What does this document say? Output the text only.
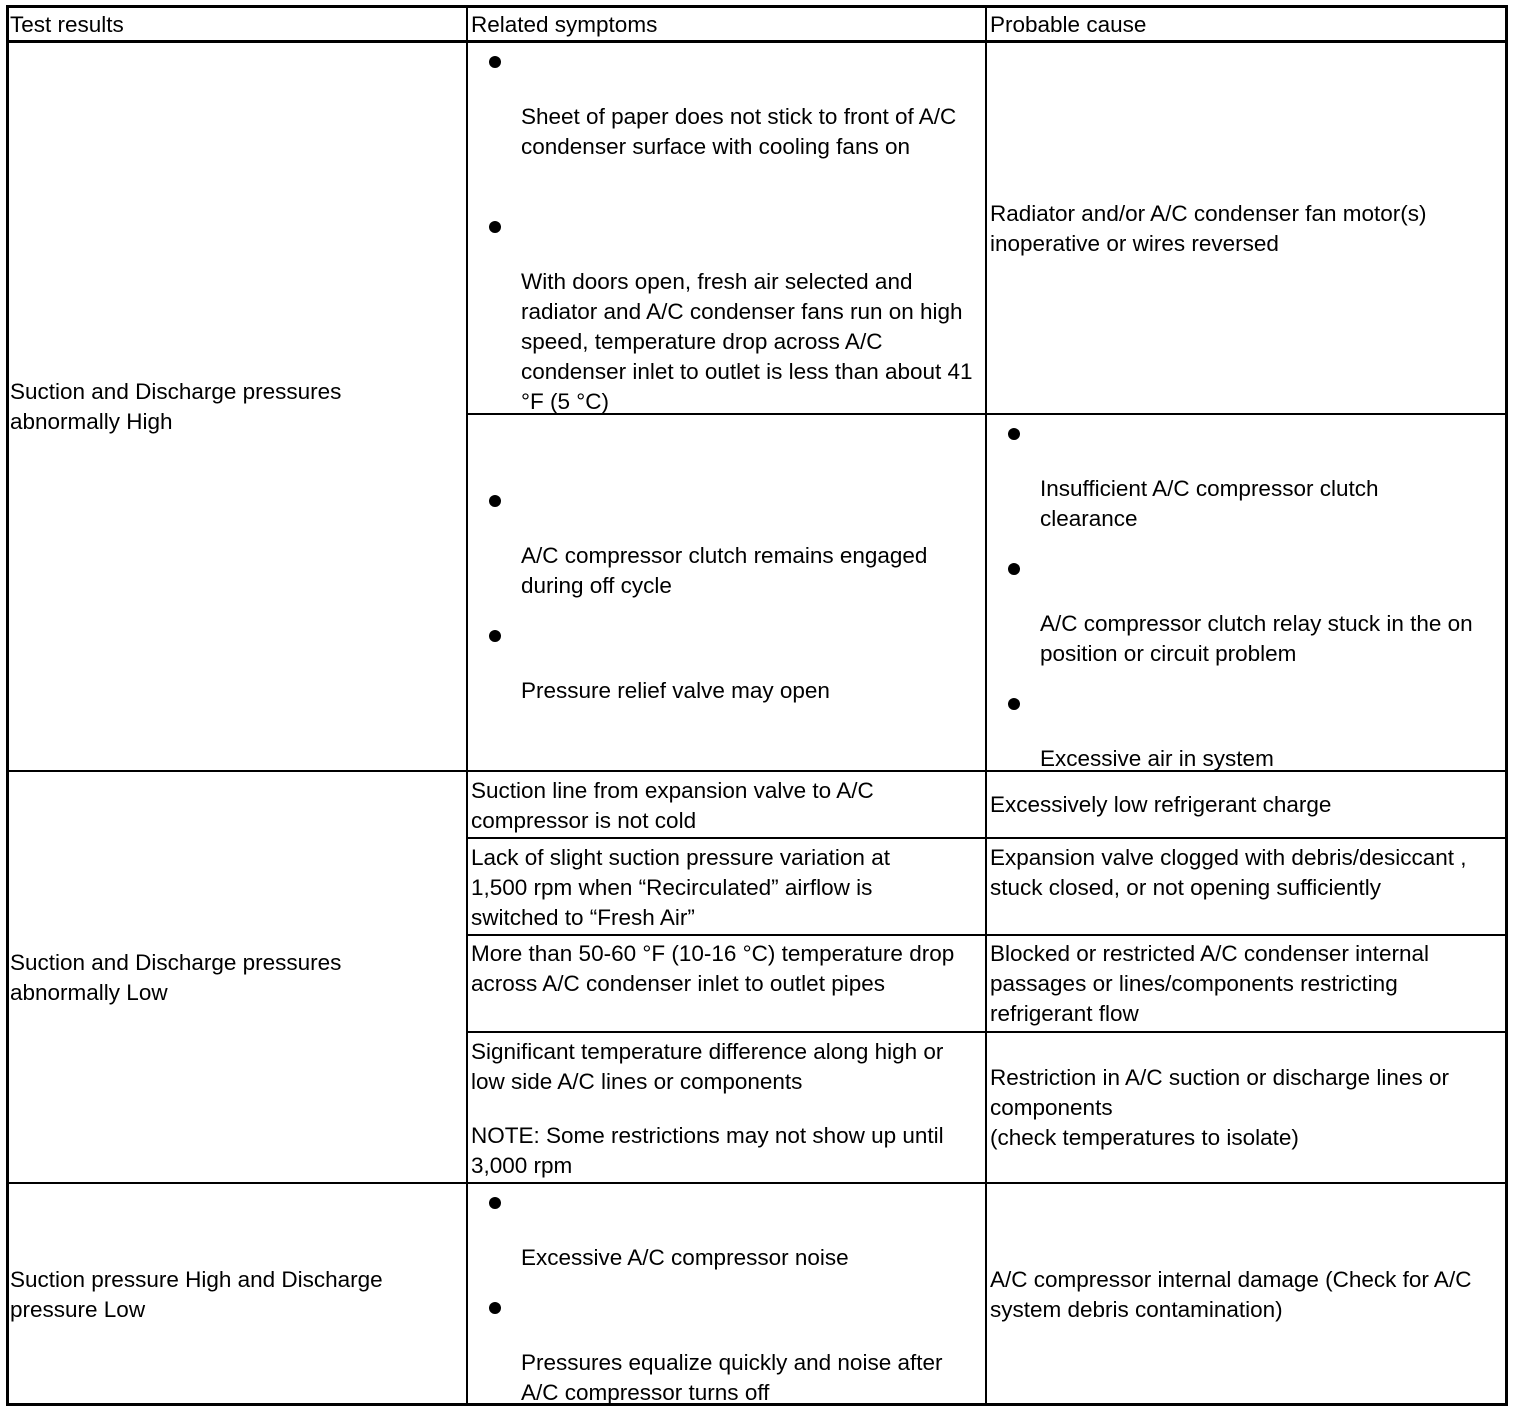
Test results	Related symptoms	Probable cause
Suction and Discharge pressures abnormally High
Sheet of paper does not stick to front of A/C condenser surface with cooling fans on
With doors open, fresh air selected and radiator and A/C condenser fans run on high speed, temperature drop across A/C condenser inlet to outlet is less than about 41 °F (5 °C)
Radiator and/or A/C condenser fan motor(s) inoperative or wires reversed
A/C compressor clutch remains engaged during off cycle
Pressure relief valve may open
Insufficient A/C compressor clutch clearance
A/C compressor clutch relay stuck in the on position or circuit problem
Excessive air in system
Suction and Discharge pressures abnormally Low
Suction line from expansion valve to A/C compressor is not cold
Excessively low refrigerant charge
Lack of slight suction pressure variation at 1,500 rpm when “Recirculated” airflow is switched to “Fresh Air”
Expansion valve clogged with debris/desiccant , stuck closed, or not opening sufficiently
More than 50-60 °F (10-16 °C) temperature drop across A/C condenser inlet to outlet pipes
Blocked or restricted A/C condenser internal passages or lines/components restricting refrigerant flow
Significant temperature difference along high or low side A/C lines or components
NOTE: Some restrictions may not show up until 3,000 rpm
Restriction in A/C suction or discharge lines or components
(check temperatures to isolate)
Suction pressure High and Discharge pressure Low
Excessive A/C compressor noise
Pressures equalize quickly and noise after A/C compressor turns off
A/C compressor internal damage (Check for A/C system debris contamination)
